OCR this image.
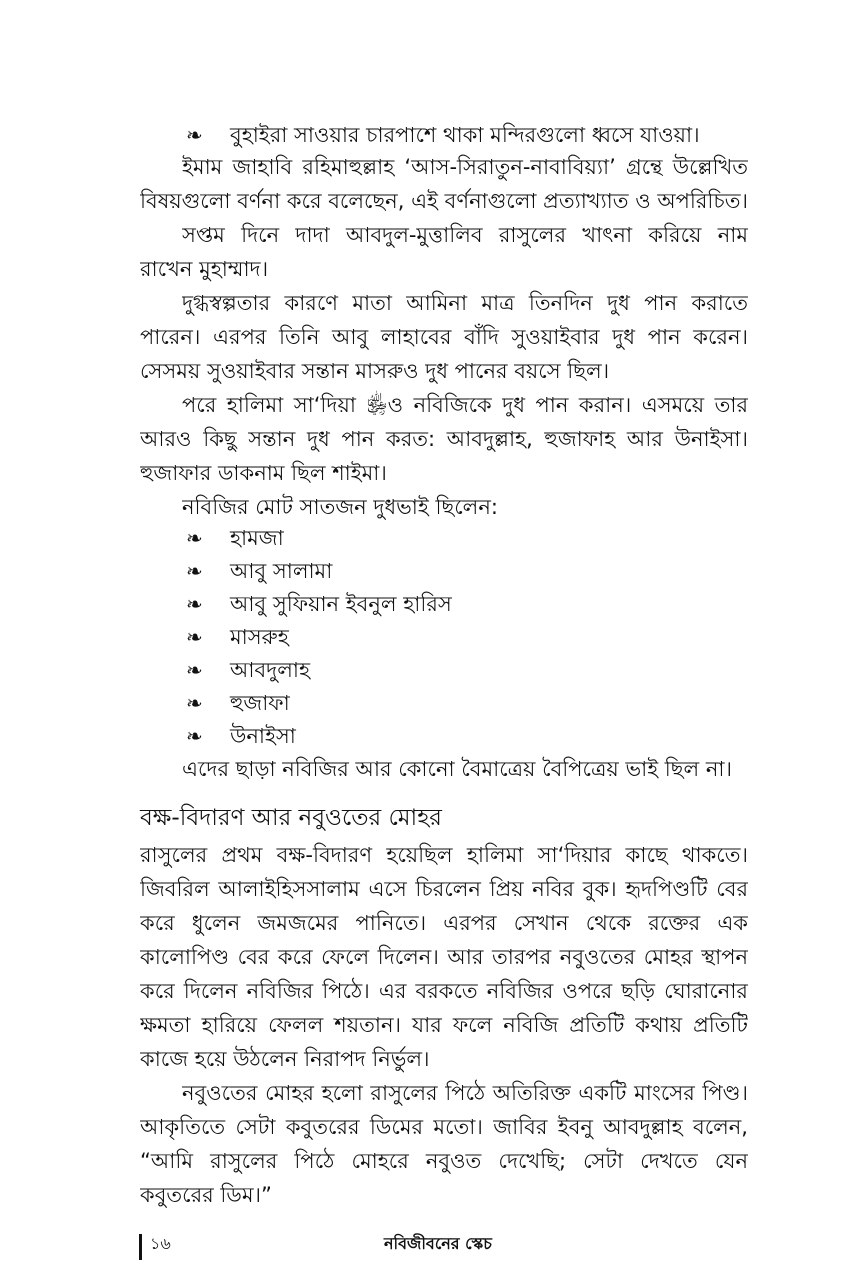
❧ বুহাইরা সাওয়ার চারপাশে থাকা মন্দিরগুলো ধ্বসে যাওয়া।
ইমাম জাহাবি রহিমাহুল্লাহ ‘আস-সিরাতুন-নাবাবিয়্যা’ গ্রন্থে উল্লেখিত
বিষয়গুলো বর্ণনা করে বলেছেন, এই বর্ণনাগুলো প্রত্যাখ্যাত ও অপরিচিত।
সপ্তম দিনে দাদা আবদুল-মুত্তালিব রাসুলের খাৎনা করিয়ে নাম
রাখেন মুহাম্মাদ।
দুগ্ধস্বল্পতার কারণে মাতা আমিনা মাত্র তিনদিন দুধ পান করাতে
পারেন। এরপর তিনি আবু লাহাবের বাঁদি সুওয়াইবার দুধ পান করেন।
সেসময় সুওয়াইবার সন্তান মাসরুও দুধ পানের বয়সে ছিল।
পরে হালিমা সা‘দিয়া ﵂ও নবিজিকে দুধ পান করান। এসময়ে তার
আরও কিছু সন্তান দুধ পান করত: আবদুল্লাহ, হুজাফাহ আর উনাইসা।
হুজাফার ডাকনাম ছিল শাইমা।
নবিজির মোট সাতজন দুধভাই ছিলেন:
❧ হামজা
❧ আবু সালামা
❧ আবু সুফিয়ান ইবনুল হারিস
❧ মাসরুহ
❧ আবদুলাহ
❧ হুজাফা
❧ উনাইসা
এদের ছাড়া নবিজির আর কোনো বৈমাত্রেয় বৈপিত্রেয় ভাই ছিল না।
বক্ষ-বিদারণ আর নবুওতের মোহর
রাসুলের প্রথম বক্ষ-বিদারণ হয়েছিল হালিমা সা‘দিয়ার কাছে থাকতে।
জিবরিল আলাইহিসসালাম এসে চিরলেন প্রিয় নবির বুক। হৃদপিণ্ডটি বের
করে ধুলেন জমজমের পানিতে। এরপর সেখান থেকে রক্তের এক
কালোপিণ্ড বের করে ফেলে দিলেন। আর তারপর নবুওতের মোহর স্থাপন
করে দিলেন নবিজির পিঠে। এর বরকতে নবিজির ওপরে ছড়ি ঘোরানোর
ক্ষমতা হারিয়ে ফেলল শয়তান। যার ফলে নবিজি প্রতিটি কথায় প্রতিটি
কাজে হয়ে উঠলেন নিরাপদ নির্ভুল।
নবুওতের মোহর হলো রাসুলের পিঠে অতিরিক্ত একটি মাংসের পিণ্ড।
আকৃতিতে সেটা কবুতরের ডিমের মতো। জাবির ইবনু আবদুল্লাহ বলেন,
“আমি রাসুলের পিঠে মোহরে নবুওত দেখেছি; সেটা দেখতে যেন
কবুতরের ডিম।”
১৬	নবিজীবনের স্কেচ
